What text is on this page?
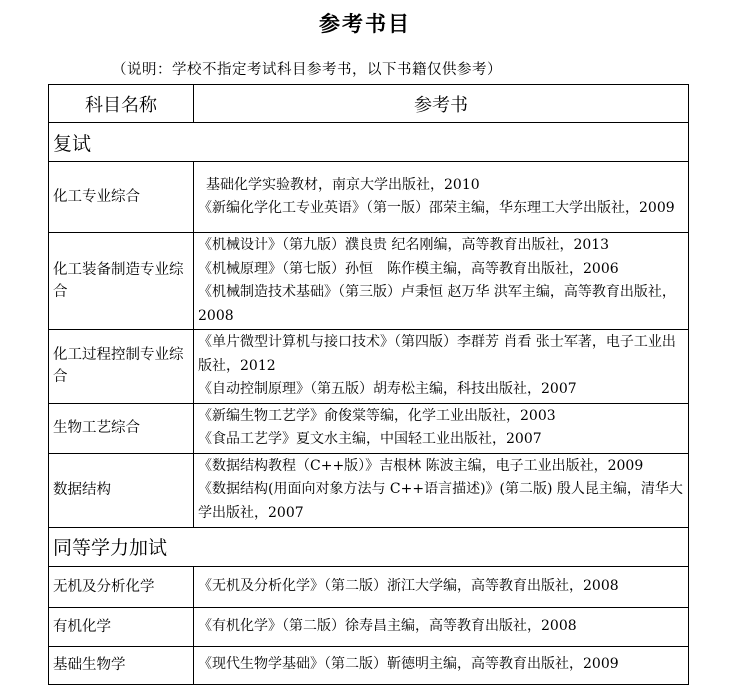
参考书目
（说明：学校不指定考试科目参考书，以下书籍仅供参考）
科目名称	参考书
复试	
化工专业综合	基础化学实验教材，南京大学出版社，2010
《新编化学化工专业英语》（第一版）邵荣主编，华东理工大学出版社，2009

化工装备制造专业综合	《机械设计》（第九版）濮良贵 纪名刚编，高等教育出版社，2013
《机械原理》（第七版）孙恒　陈作模主编，高等教育出版社，2006
《机械制造技术基础》（第三版）卢秉恒 赵万华 洪军主编，高等教育出版社，2008

化工过程控制专业综合	《单片微型计算机与接口技术》（第四版）李群芳 肖看 张士军著，电子工业出版社，2012
《自动控制原理》（第五版）胡寿松主编，科技出版社，2007

生物工艺综合	《新编生物工艺学》俞俊棠等编，化学工业出版社，2003
《食品工艺学》夏文水主编，中国轻工业出版社，2007

数据结构	《数据结构教程（C++版）》吉根林 陈波主编，电子工业出版社，2009
《数据结构(用面向对象方法与 C++语言描述)》(第二版) 殷人昆主编，清华大学出版社，2007

同等学力加试	
无机及分析化学	《无机及分析化学》（第二版）浙江大学编，高等教育出版社，2008

有机化学	《有机化学》（第二版）徐寿昌主编，高等教育出版社，2008

基础生物学	《现代生物学基础》（第二版）靳德明主编，高等教育出版社，2009
